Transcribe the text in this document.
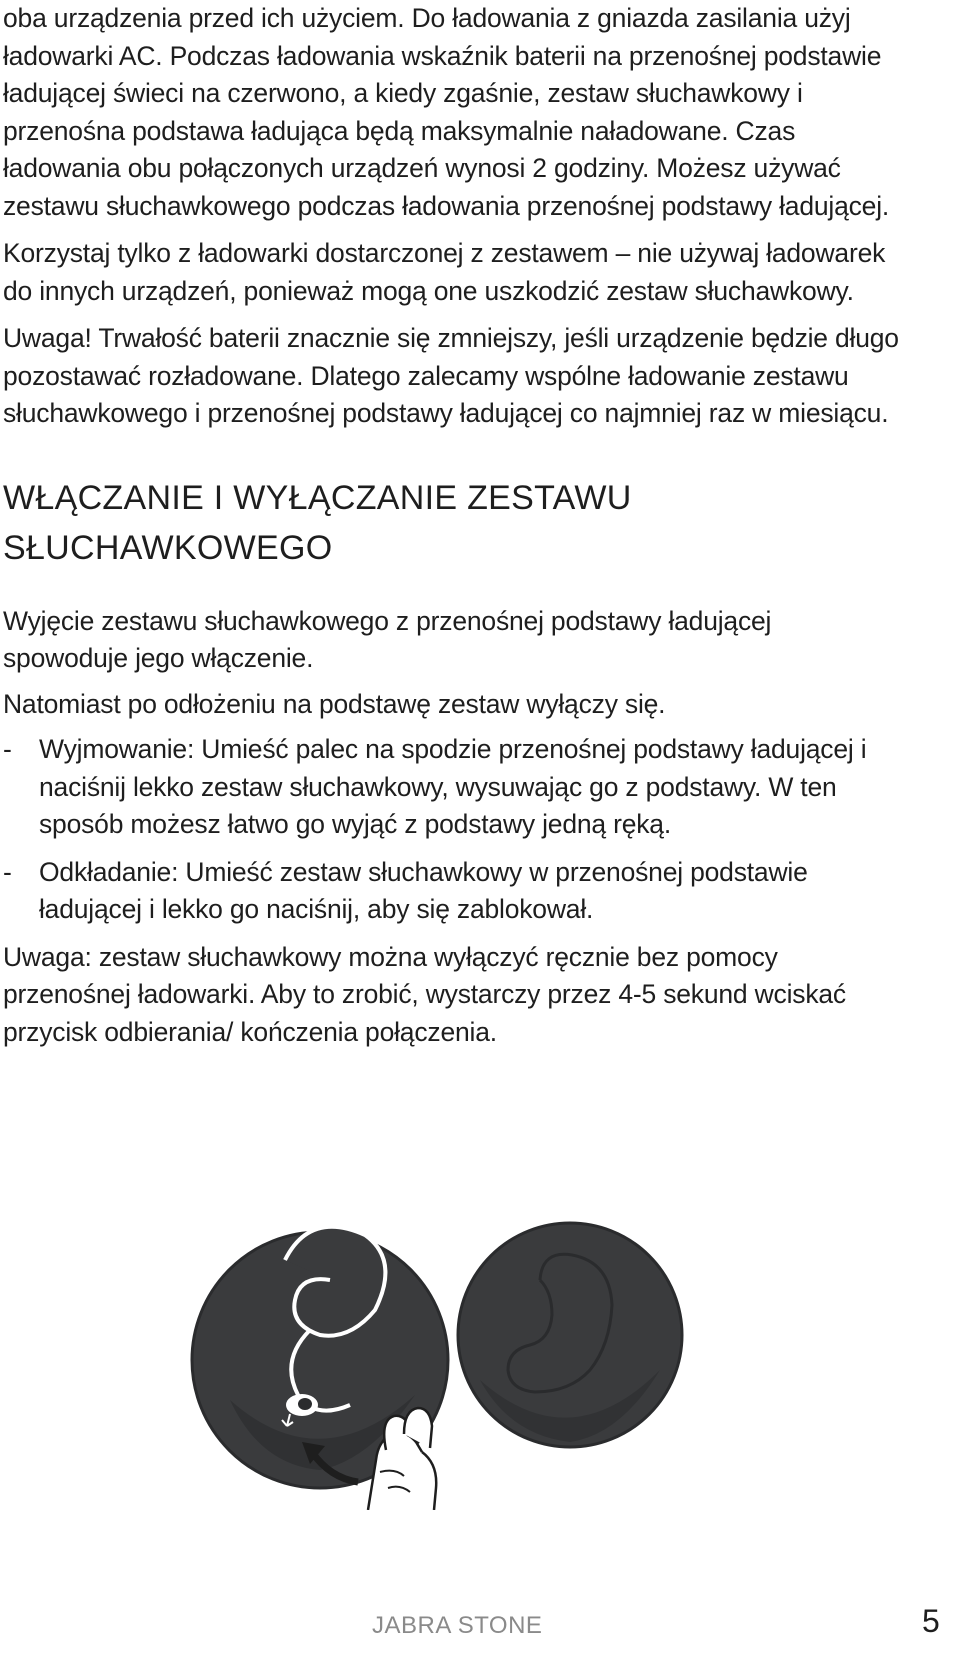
oba urządzenia przed ich użyciem. Do ładowania z gniazda zasilania użyj ładowarki AC. Podczas ładowania wskaźnik baterii na przenośnej podstawie ładującej świeci na czerwono, a kiedy zgaśnie, zestaw słuchawkowy i przenośna podstawa ładująca będą maksymalnie naładowane. Czas ładowania obu połączonych urządzeń wynosi 2 godziny. Możesz używać zestawu słuchawkowego podczas ładowania przenośnej podstawy ładującej.

Korzystaj tylko z ładowarki dostarczonej z zestawem – nie używaj ładowarek do innych urządzeń, ponieważ mogą one uszkodzić zestaw słuchawkowy.

Uwaga! Trwałość baterii znacznie się zmniejszy, jeśli urządzenie będzie długo pozostawać rozładowane. Dlatego zalecamy wspólne ładowanie zestawu słuchawkowego i przenośnej podstawy ładującej co najmniej raz w miesiącu.

WŁĄCZANIE I WYŁĄCZANIE ZESTAWU SŁUCHAWKOWEGO

Wyjęcie zestawu słuchawkowego z przenośnej podstawy ładującej spowoduje jego włączenie.

Natomiast po odłożeniu na podstawę zestaw wyłączy się.

- Wyjmowanie: Umieść palec na spodzie przenośnej podstawy ładującej i naciśnij lekko zestaw słuchawkowy, wysuwając go z podstawy. W ten sposób możesz łatwo go wyjąć z podstawy jedną ręką.
- Odkładanie: Umieść zestaw słuchawkowy w przenośnej podstawie ładującej i lekko go naciśnij, aby się zablokował.

Uwaga: zestaw słuchawkowy można wyłączyć ręcznie bez pomocy przenośnej ładowarki. Aby to zrobić, wystarczy przez 4-5 sekund wciskać przycisk odbierania/ kończenia połączenia.

JABRA STONE	5
